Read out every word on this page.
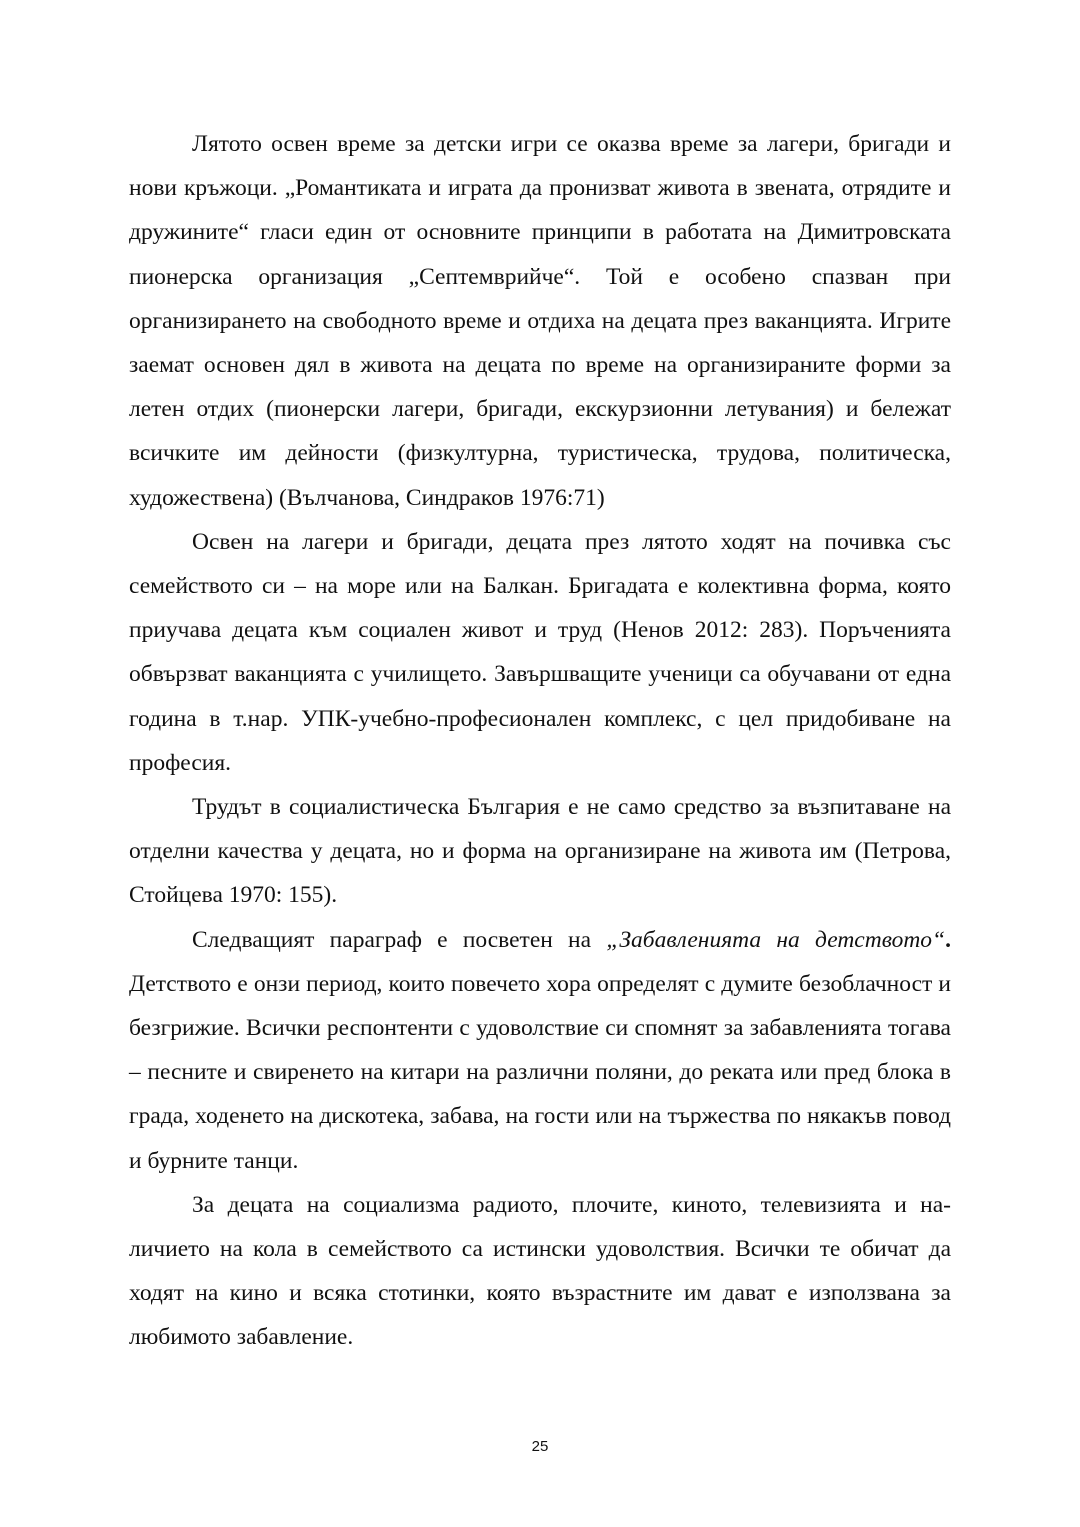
Лятото освен време за детски игри се оказва време за лагери, бригади и нови кръжоци. „Романтиката и играта да пронизват живота в звената, отрядите и дружините“ гласи един от основните принципи в работата на Димитровската пионерска организация „Септемврийче“. Той е особено спазван при организирането на свободното време и отдиха на децата през ваканцията. Игрите заемат основен дял в живота на децата по време на организираните форми за летен отдих (пионерски лагери, бригади, екскурзионни летувания) и бележат всичките им дейности (физкултурна, туристическа, трудова, политическа, художествена) (Вълчанова, Синдраков 1976:71)

Освен на лагери и бригади, децата през лятото ходят на почивка със семейството си – на море или на Балкан. Бригадата е колективна форма, която приучава децата към социален живот и труд (Ненов 2012: 283). Поръченията обвързват ваканцията с училището. Завършващите ученици са обучавани от една година в т.нар. УПК-учебно-професионален комплекс, с цел придобиване на професия.

Трудът в социалистическа България е не само средство за възпитаване на отделни качества у децата, но и форма на организиране на живота им (Петрова, Стойцева 1970: 155).

Следващият параграф е посветен на „Забавленията на детството“. Детството е онзи период, които повечето хора определят с думите безоблачност и безгрижие. Всички респонтенти с удоволствие си спомнят за забавленията тогава – песните и свиренето на китари на различни поляни, до реката или пред блока в града, ходенето на дискотека, забава, на гости или на тържества по някакъв повод и бурните танци.

За децата на социализма радиото, плочите, киното, телевизията и наличието на кола в семейството са истински удоволствия. Всички те обичат да ходят на кино и всяка стотинки, която възрастните им дават е използвана за любимото забавление.

25
